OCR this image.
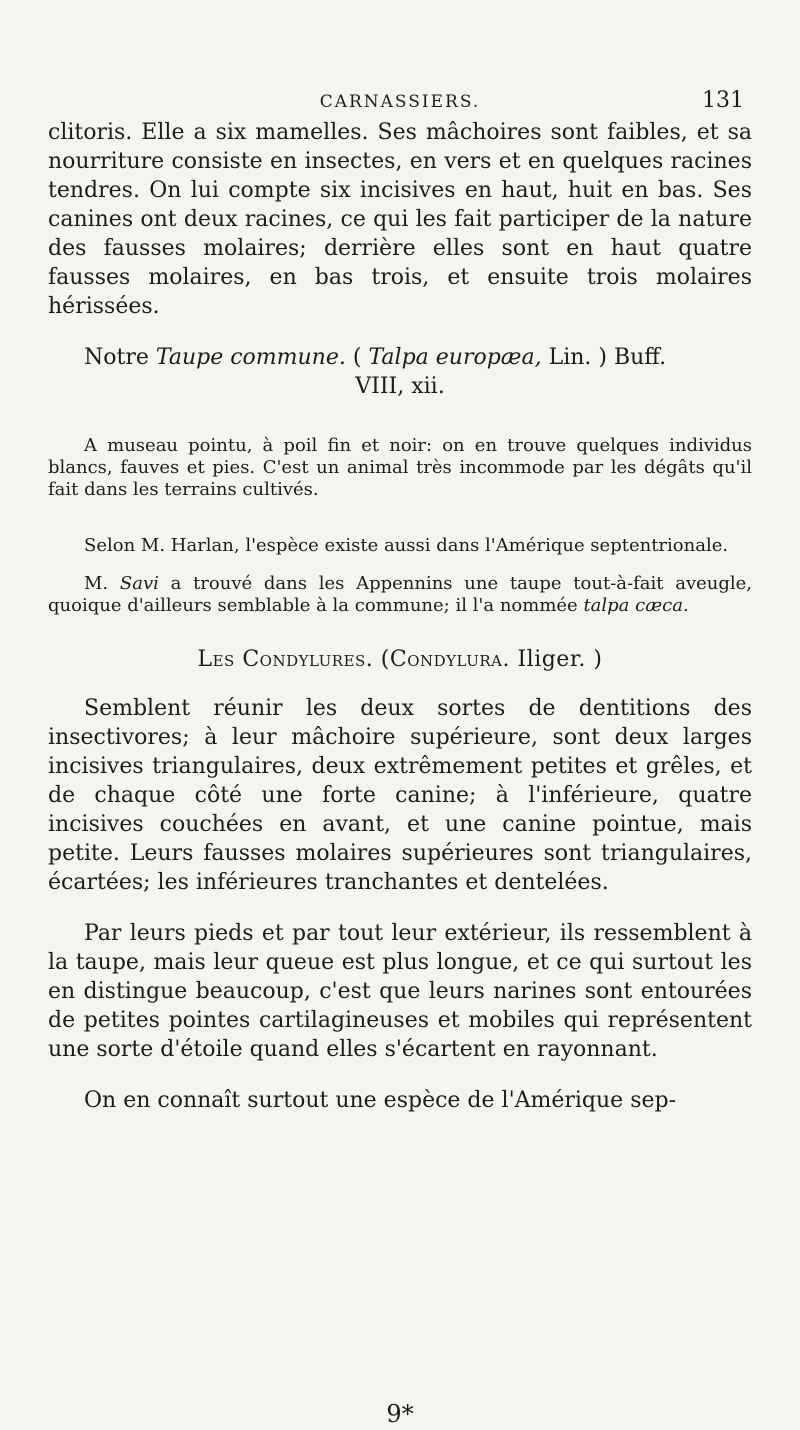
CARNASSIERS.	131

clitoris. Elle a six mamelles. Ses mâchoires sont faibles, et sa nourriture consiste en insectes, en vers et en quelques racines tendres. On lui compte six incisives en haut, huit en bas. Ses canines ont deux racines, ce qui les fait participer de la nature des fausses molaires; derrière elles sont en haut quatre fausses molaires, en bas trois, et ensuite trois molaires hérissées.

Notre Taupe commune. ( Talpa europæa, Lin. ) Buff.

VIII, xii.

A museau pointu, à poil fin et noir: on en trouve quelques individus blancs, fauves et pies. C'est un animal très incommode par les dégâts qu'il fait dans les terrains cultivés.

Selon M. Harlan, l'espèce existe aussi dans l'Amérique septentrionale.

M. Savi a trouvé dans les Appennins une taupe tout-à-fait aveugle, quoique d'ailleurs semblable à la commune; il l'a nommée talpa cæca.

Les Condylures. (Condylura. Iliger. )

Semblent réunir les deux sortes de dentitions des insectivores; à leur mâchoire supérieure, sont deux larges incisives triangulaires, deux extrêmement petites et grêles, et de chaque côté une forte canine; à l'inférieure, quatre incisives couchées en avant, et une canine pointue, mais petite. Leurs fausses molaires supérieures sont triangulaires, écartées; les inférieures tranchantes et dentelées.

Par leurs pieds et par tout leur extérieur, ils ressemblent à la taupe, mais leur queue est plus longue, et ce qui surtout les en distingue beaucoup, c'est que leurs narines sont entourées de petites pointes cartilagineuses et mobiles qui représentent une sorte d'étoile quand elles s'écartent en rayonnant.

On en connaît surtout une espèce de l'Amérique sep-

9*
